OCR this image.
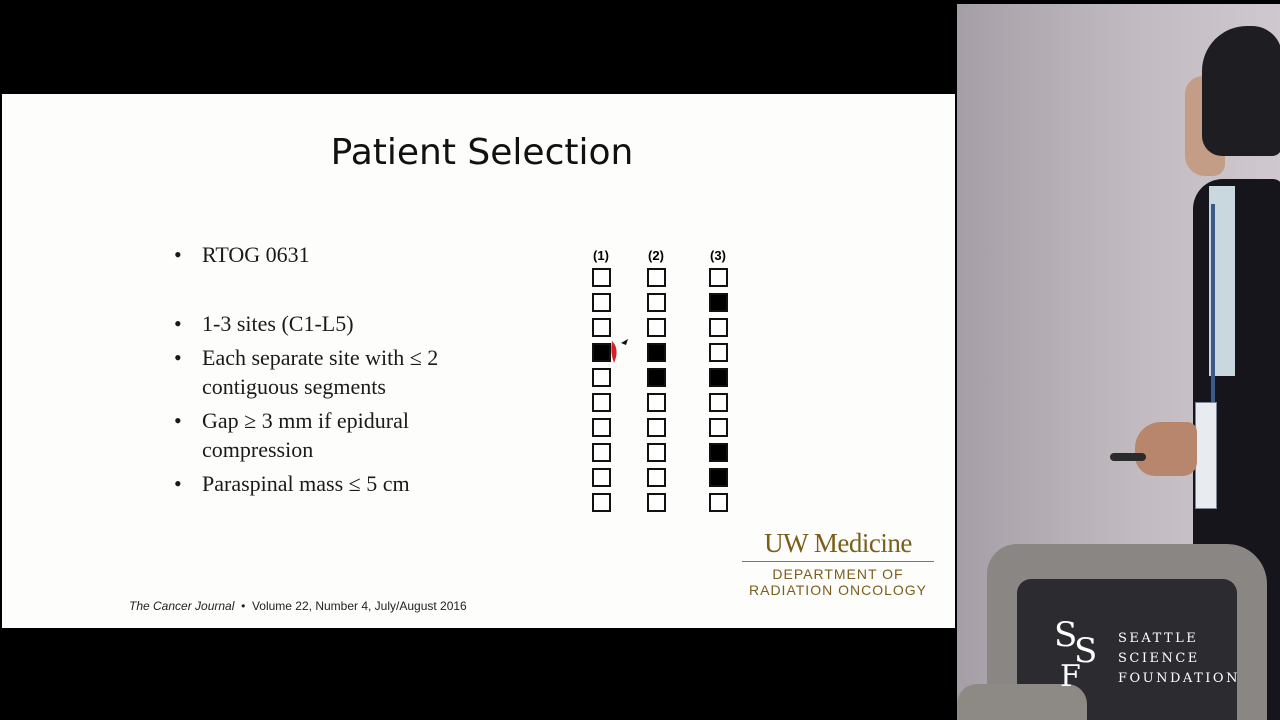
Patient Selection
• RTOG 0631
• 1-3 sites (C1-L5)
• Each separate site with ≤ 2 contiguous segments
• Gap ≥ 3 mm if epidural compression
• Paraspinal mass ≤ 5 cm
(1)	(2)	(3)
UW Medicine
DEPARTMENT OF
RADIATION ONCOLOGY
The Cancer Journal • Volume 22, Number 4, July/August 2016
S
S
F
SEATTLE
SCIENCE
FOUNDATION
